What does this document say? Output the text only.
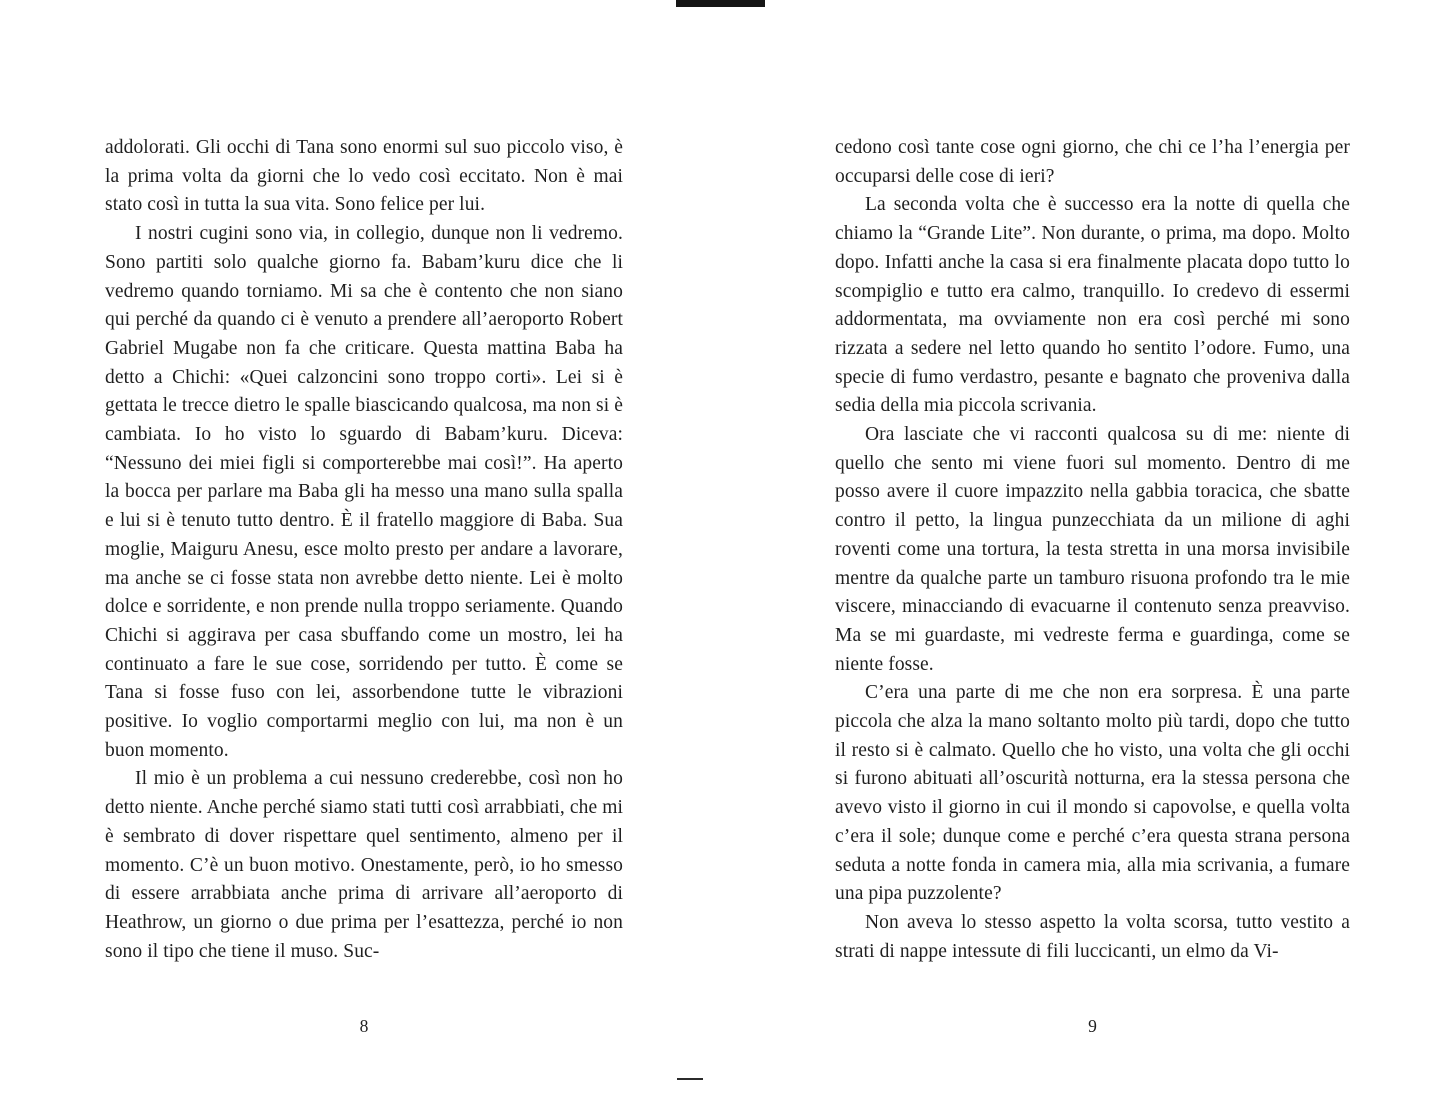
addolorati. Gli occhi di Tana sono enormi sul suo piccolo viso, è la prima volta da giorni che lo vedo così eccitato. Non è mai stato così in tutta la sua vita. Sono felice per lui.

I nostri cugini sono via, in collegio, dunque non li vedremo. Sono partiti solo qualche giorno fa. Babam’kuru dice che li vedremo quando torniamo. Mi sa che è contento che non siano qui perché da quando ci è venuto a prendere all’aeroporto Robert Gabriel Mugabe non fa che criticare. Questa mattina Baba ha detto a Chichi: «Quei calzoncini sono troppo corti». Lei si è gettata le trecce dietro le spalle biascicando qualcosa, ma non si è cambiata. Io ho visto lo sguardo di Babam’kuru. Diceva: “Nessuno dei miei figli si comporterebbe mai così!”. Ha aperto la bocca per parlare ma Baba gli ha messo una mano sulla spalla e lui si è tenuto tutto dentro. È il fratello maggiore di Baba. Sua moglie, Maiguru Anesu, esce molto presto per andare a lavorare, ma anche se ci fosse stata non avrebbe detto niente. Lei è molto dolce e sorridente, e non prende nulla troppo seriamente. Quando Chichi si aggirava per casa sbuffando come un mostro, lei ha continuato a fare le sue cose, sorridendo per tutto. È come se Tana si fosse fuso con lei, assorbendone tutte le vibrazioni positive. Io voglio comportarmi meglio con lui, ma non è un buon momento.

Il mio è un problema a cui nessuno crederebbe, così non ho detto niente. Anche perché siamo stati tutti così arrabbiati, che mi è sembrato di dover rispettare quel sentimento, almeno per il momento. C’è un buon motivo. Onestamente, però, io ho smesso di essere arrabbiata anche prima di arrivare all’aeroporto di Heathrow, un giorno o due prima per l’esattezza, perché io non sono il tipo che tiene il muso. Suc-

8

cedono così tante cose ogni giorno, che chi ce l’ha l’energia per occuparsi delle cose di ieri?

La seconda volta che è successo era la notte di quella che chiamo la “Grande Lite”. Non durante, o prima, ma dopo. Molto dopo. Infatti anche la casa si era finalmente placata dopo tutto lo scompiglio e tutto era calmo, tranquillo. Io credevo di essermi addormentata, ma ovviamente non era così perché mi sono rizzata a sedere nel letto quando ho sentito l’odore. Fumo, una specie di fumo verdastro, pesante e bagnato che proveniva dalla sedia della mia piccola scrivania.

Ora lasciate che vi racconti qualcosa su di me: niente di quello che sento mi viene fuori sul momento. Dentro di me posso avere il cuore impazzito nella gabbia toracica, che sbatte contro il petto, la lingua punzecchiata da un milione di aghi roventi come una tortura, la testa stretta in una morsa invisibile mentre da qualche parte un tamburo risuona profondo tra le mie viscere, minacciando di evacuarne il contenuto senza preavviso. Ma se mi guardaste, mi vedreste ferma e guardinga, come se niente fosse.

C’era una parte di me che non era sorpresa. È una parte piccola che alza la mano soltanto molto più tardi, dopo che tutto il resto si è calmato. Quello che ho visto, una volta che gli occhi si furono abituati all’oscurità notturna, era la stessa persona che avevo visto il giorno in cui il mondo si capovolse, e quella volta c’era il sole; dunque come e perché c’era questa strana persona seduta a notte fonda in camera mia, alla mia scrivania, a fumare una pipa puzzolente?

Non aveva lo stesso aspetto la volta scorsa, tutto vestito a strati di nappe intessute di fili luccicanti, un elmo da Vi-

9
